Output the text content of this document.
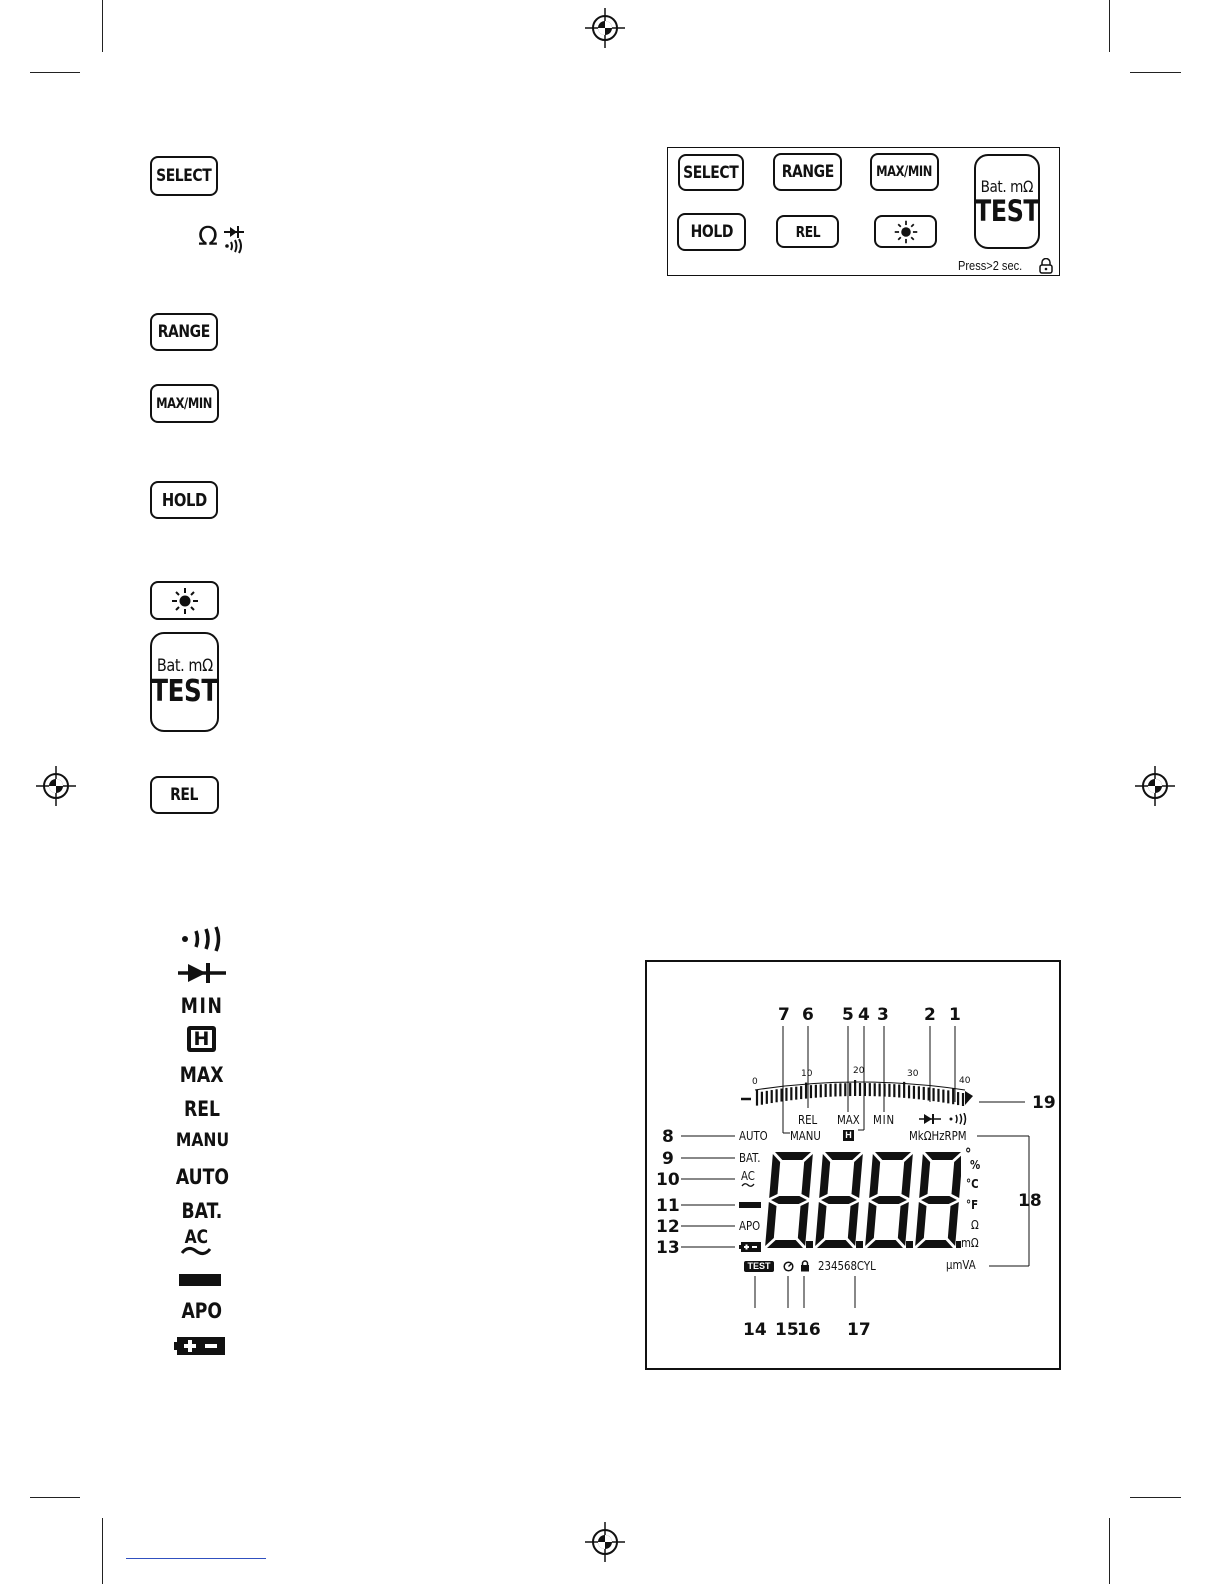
SELECT
Ω
RANGE
MAX/MIN
HOLD
Bat. mΩ
TEST
REL
SELECT	RANGE	MAX/MIN
HOLD	REL
Bat. mΩ
TEST
Press>2 sec.
MIN
H
MAX
REL
MANU
AUTO
BAT.
AC
APO
7 6 5 4 3 2 1
19
18
8
9
10
11
12
13
14 15
16 17
0
10	20	30
40
REL MAX	MIN
AUTO	MANU	H	MkΩHzRPM
BAT.
AC
APO
TEST	234568CYL
°
%
°C
°F
Ω
mΩ
µmVA
